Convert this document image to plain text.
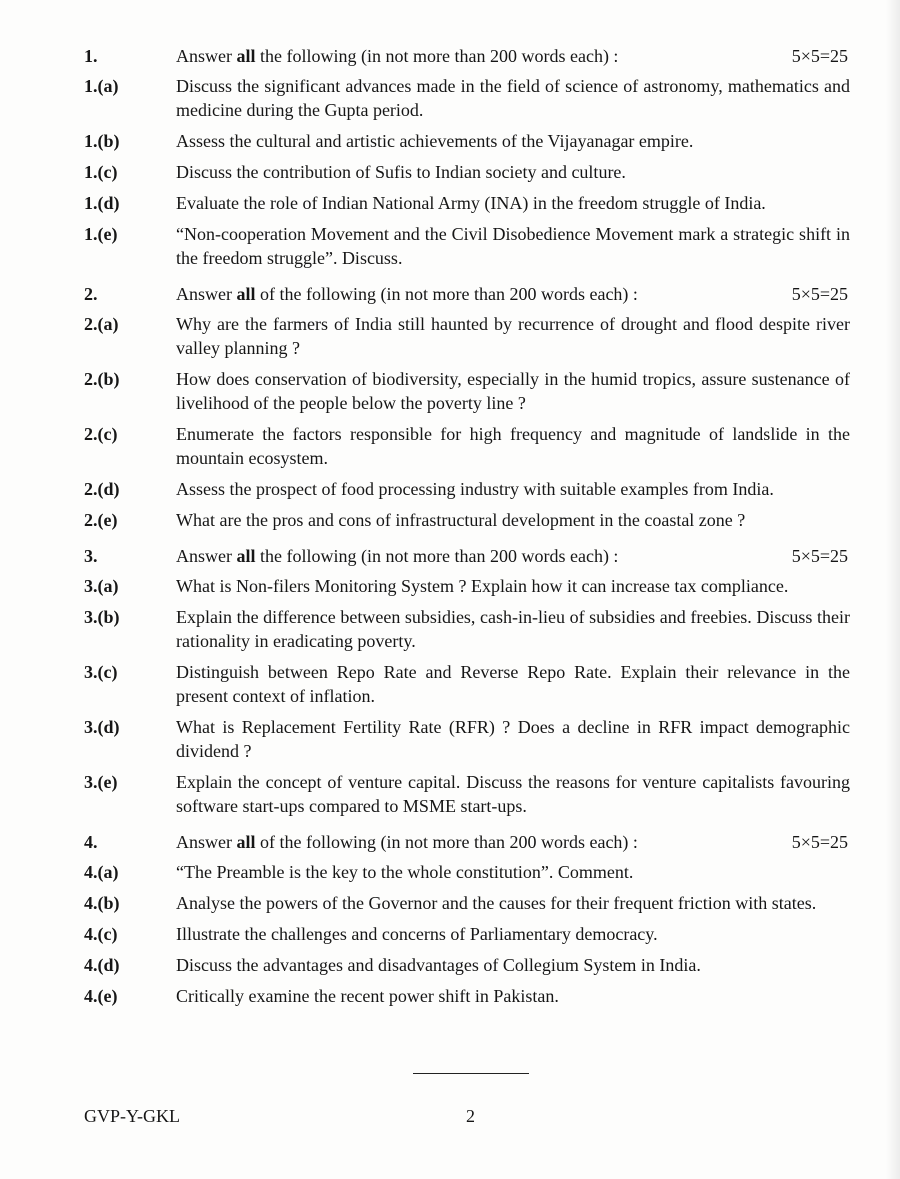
1.	Answer all the following (in not more than 200 words each) :	5×5=25
1.(a)	Discuss the significant advances made in the field of science of astronomy, mathematics and medicine during the Gupta period.
1.(b)	Assess the cultural and artistic achievements of the Vijayanagar empire.
1.(c)	Discuss the contribution of Sufis to Indian society and culture.
1.(d)	Evaluate the role of Indian National Army (INA) in the freedom struggle of India.
1.(e)	“Non-cooperation Movement and the Civil Disobedience Movement mark a strategic shift in the freedom struggle”. Discuss.
2.	Answer all of the following (in not more than 200 words each) :	5×5=25
2.(a)	Why are the farmers of India still haunted by recurrence of drought and flood despite river valley planning ?
2.(b)	How does conservation of biodiversity, especially in the humid tropics, assure sustenance of livelihood of the people below the poverty line ?
2.(c)	Enumerate the factors responsible for high frequency and magnitude of landslide in the mountain ecosystem.
2.(d)	Assess the prospect of food processing industry with suitable examples from India.
2.(e)	What are the pros and cons of infrastructural development in the coastal zone ?
3.	Answer all the following (in not more than 200 words each) :	5×5=25
3.(a)	What is Non-filers Monitoring System ? Explain how it can increase tax compliance.
3.(b)	Explain the difference between subsidies, cash-in-lieu of subsidies and freebies. Discuss their rationality in eradicating poverty.
3.(c)	Distinguish between Repo Rate and Reverse Repo Rate. Explain their relevance in the present context of inflation.
3.(d)	What is Replacement Fertility Rate (RFR) ? Does a decline in RFR impact demographic dividend ?
3.(e)	Explain the concept of venture capital. Discuss the reasons for venture capitalists favouring software start-ups compared to MSME start-ups.
4.	Answer all of the following (in not more than 200 words each) :	5×5=25
4.(a)	“The Preamble is the key to the whole constitution”. Comment.
4.(b)	Analyse the powers of the Governor and the causes for their frequent friction with states.
4.(c)	Illustrate the challenges and concerns of Parliamentary democracy.
4.(d)	Discuss the advantages and disadvantages of Collegium System in India.
4.(e)	Critically examine the recent power shift in Pakistan.
GVP-Y-GKL	2
